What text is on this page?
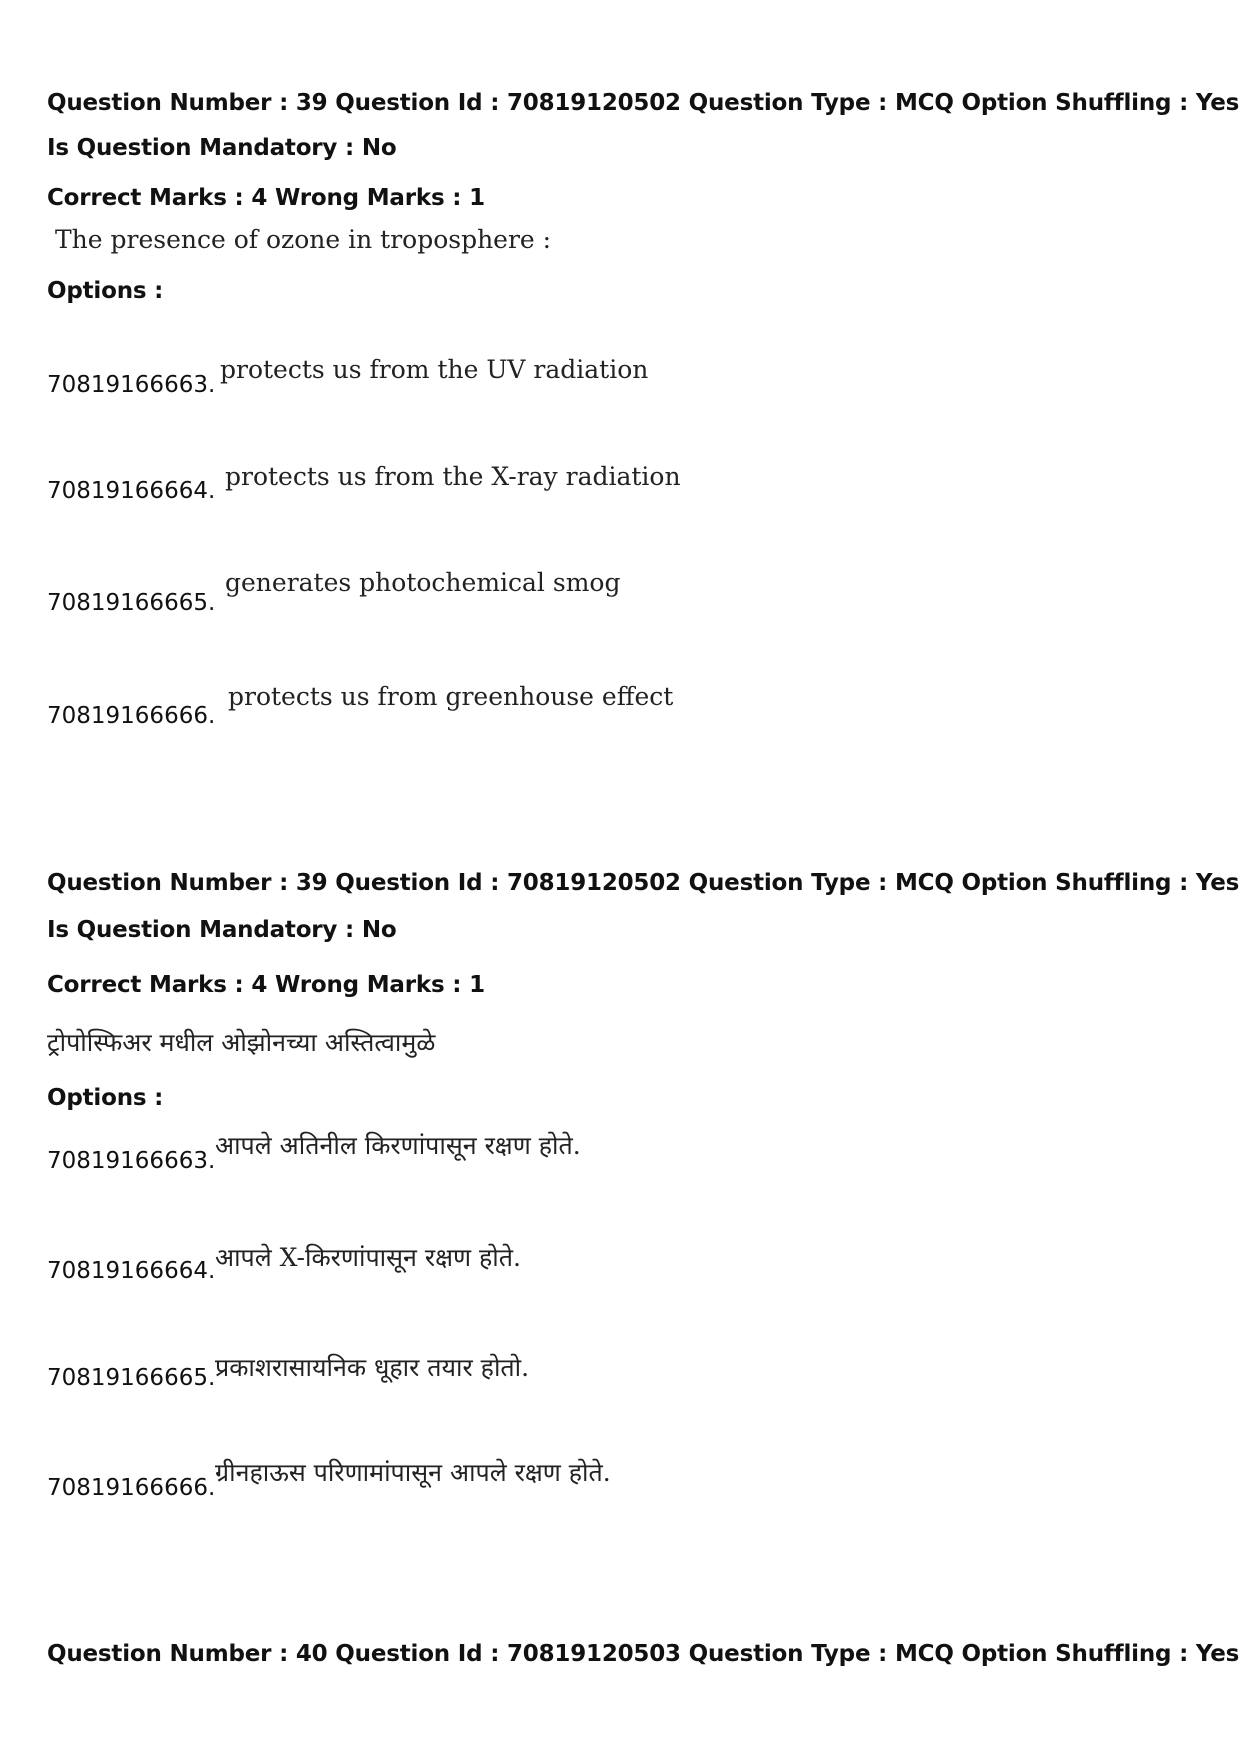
Question Number : 39 Question Id : 70819120502 Question Type : MCQ Option Shuffling : Yes
Is Question Mandatory : No
Correct Marks : 4 Wrong Marks : 1
The presence of ozone in troposphere :
Options :
70819166663.
protects us from the UV radiation
70819166664. protects us from the X-ray radiation
70819166665.
generates photochemical smog
70819166666.
protects us from greenhouse effect
Question Number : 39 Question Id : 70819120502 Question Type : MCQ Option Shuffling : Yes
Is Question Mandatory : No
Correct Marks : 4 Wrong Marks : 1
ट्रोपोस्फिअर मधील ओझोनच्या अस्तित्वामुळे
Options :
70819166663.
आपले अतिनील किरणांपासून रक्षण होते.
70819166664. आपले X-किरणांपासून रक्षण होते.
70819166665. प्रकाशरासायनिक धूहार तयार होतो.
70819166666.
ग्रीनहाऊस परिणामांपासून आपले रक्षण होते.
Question Number : 40 Question Id : 70819120503 Question Type : MCQ Option Shuffling : Yes
